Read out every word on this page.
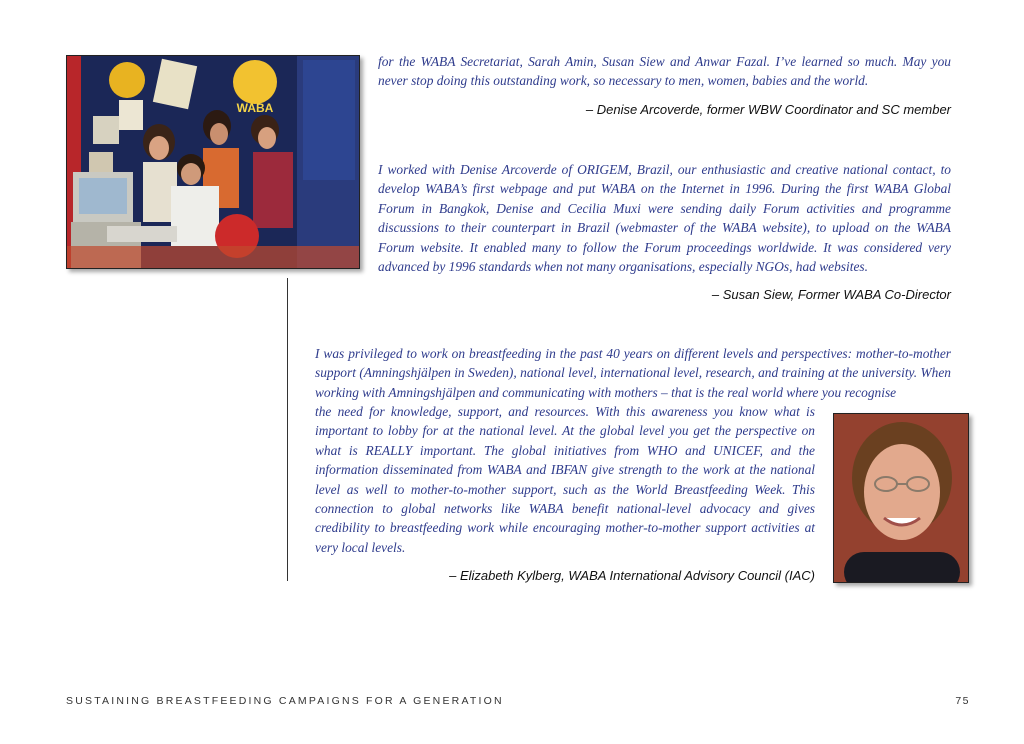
WABA

for the WABA Secretariat, Sarah Amin, Susan Siew and Anwar Fazal. I’ve learned so much. May you never stop doing this outstanding work, so necessary to men, women, babies and the world.

– Denise Arcoverde, former WBW Coordinator and SC member

I worked with Denise Arcoverde of ORIGEM, Brazil, our enthusiastic and creative national contact, to develop WABA’s first webpage and put WABA on the Internet in 1996. During the first WABA Global Forum in Bangkok, Denise and Cecilia Muxi were sending daily Forum activities and programme discussions to their counterpart in Brazil (webmaster of the WABA website), to upload on the WABA Forum website. It enabled many to follow the Forum proceedings worldwide. It was considered very advanced by 1996 standards when not many organisations, especially NGOs, had websites.

– Susan Siew, Former WABA Co-Director

I was privileged to work on breastfeeding in the past 40 years on different levels and perspectives: mother-to-mother support (Amningshjälpen in Sweden), national level, international level, research, and training at the university. When working with Amningshjälpen and communicating with mothers – that is the real world where you recognise

the need for knowledge, support, and resources. With this awareness you know what is important to lobby for at the national level. At the global level you get the perspective on what is REALLY important. The global initiatives from WHO and UNICEF, and the information disseminated from WABA and IBFAN give strength to the work at the national level as well to mother-to-mother support, such as the World Breastfeeding Week. This connection to global networks like WABA benefit national-level advocacy and gives credibility to breastfeeding work while encouraging mother-to-mother support activities at very local levels.

– Elizabeth Kylberg, WABA International Advisory Council (IAC)

SUSTAINING BREASTFEEDING CAMPAIGNS FOR A GENERATION	75
